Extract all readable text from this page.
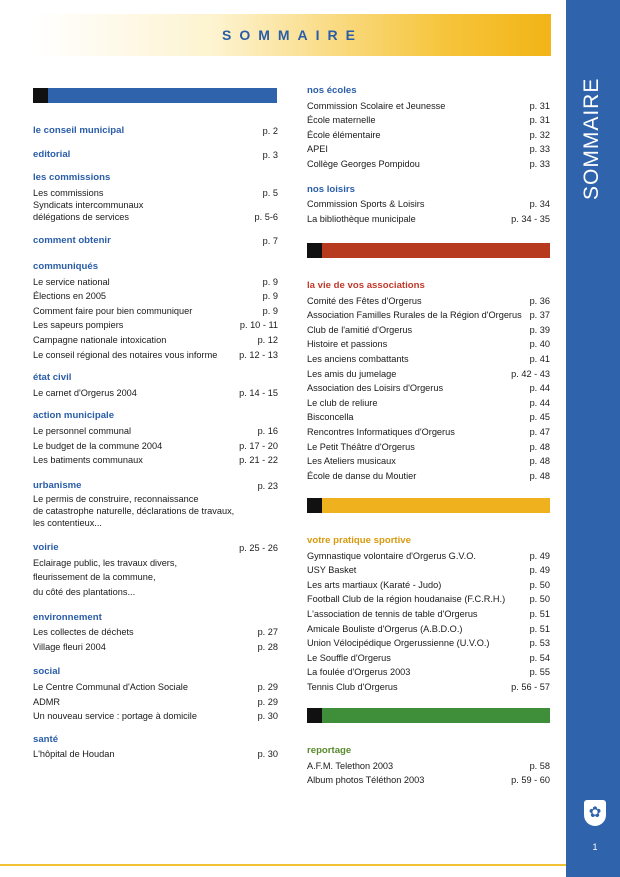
SOMMAIRE
SOMMAIRE
✿
1
le conseil municipal	p. 2
editorial	p. 3
les commissions
Les commissions	p. 5
Syndicats intercommunaux
délégations de services	p. 5-6
comment obtenir	p. 7
communiqués
Le service national	p. 9
Élections en 2005	p. 9
Comment faire pour bien communiquer	p. 9
Les sapeurs pompiers	p. 10 - 11
Campagne nationale intoxication	p. 12
Le conseil régional des notaires vous informe	p. 12 - 13
état civil
Le carnet d'Orgerus 2004	p. 14 - 15
action municipale
Le personnel communal	p. 16
Le budget de la commune 2004	p. 17 - 20
Les batiments communaux	p. 21 - 22
urbanisme	p. 23
Le permis de construire, reconnaissance
de catastrophe naturelle, déclarations de travaux,
les contentieux...
voirie	p. 25 - 26
Eclairage public, les travaux divers,
fleurissement de la commune,
du côté des plantations...
environnement
Les collectes de déchets	p. 27
Village fleuri 2004	p. 28
social
Le Centre Communal d'Action Sociale	p. 29
ADMR	p. 29
Un nouveau service : portage à domicile	p. 30
santé
L'hôpital de Houdan	p. 30
nos écoles
Commission Scolaire et Jeunesse	p. 31
École maternelle	p. 31
École élémentaire	p. 32
APEI	p. 33
Collège Georges Pompidou	p. 33
nos loisirs
Commission Sports & Loisirs	p. 34
La bibliothèque municipale	p. 34 - 35
la vie de vos associations
Comité des Fêtes d'Orgerus	p. 36
Association Familles Rurales de la Région d'Orgerus p. 37
Club de l'amitié d'Orgerus	p. 39
Histoire et passions	p. 40
Les anciens combattants	p. 41
Les amis du jumelage	p. 42 - 43
Association des Loisirs d'Orgerus	p. 44
Le club de reliure	p. 44
Bisconcella	p. 45
Rencontres Informatiques d'Orgerus	p. 47
Le Petit Théâtre d'Orgerus	p. 48
Les Ateliers musicaux	p. 48
École de danse du Moutier	p. 48
votre pratique sportive
Gymnastique volontaire d'Orgerus G.V.O.	p. 49
USY Basket	p. 49
Les arts martiaux (Karaté - Judo)	p. 50
Football Club de la région houdanaise (F.C.R.H.)	p. 50
L'association de tennis de table d'Orgerus	p. 51
Amicale Bouliste d'Orgerus (A.B.D.O.)	p. 51
Union Vélocipédique Orgerussienne (U.V.O.)	p. 53
Le Souffle d'Orgerus	p. 54
La foulée d'Orgerus 2003	p. 55
Tennis Club d'Orgerus	p. 56 - 57
reportage
A.F.M. Telethon 2003	p. 58
Album photos Téléthon 2003	p. 59 - 60
